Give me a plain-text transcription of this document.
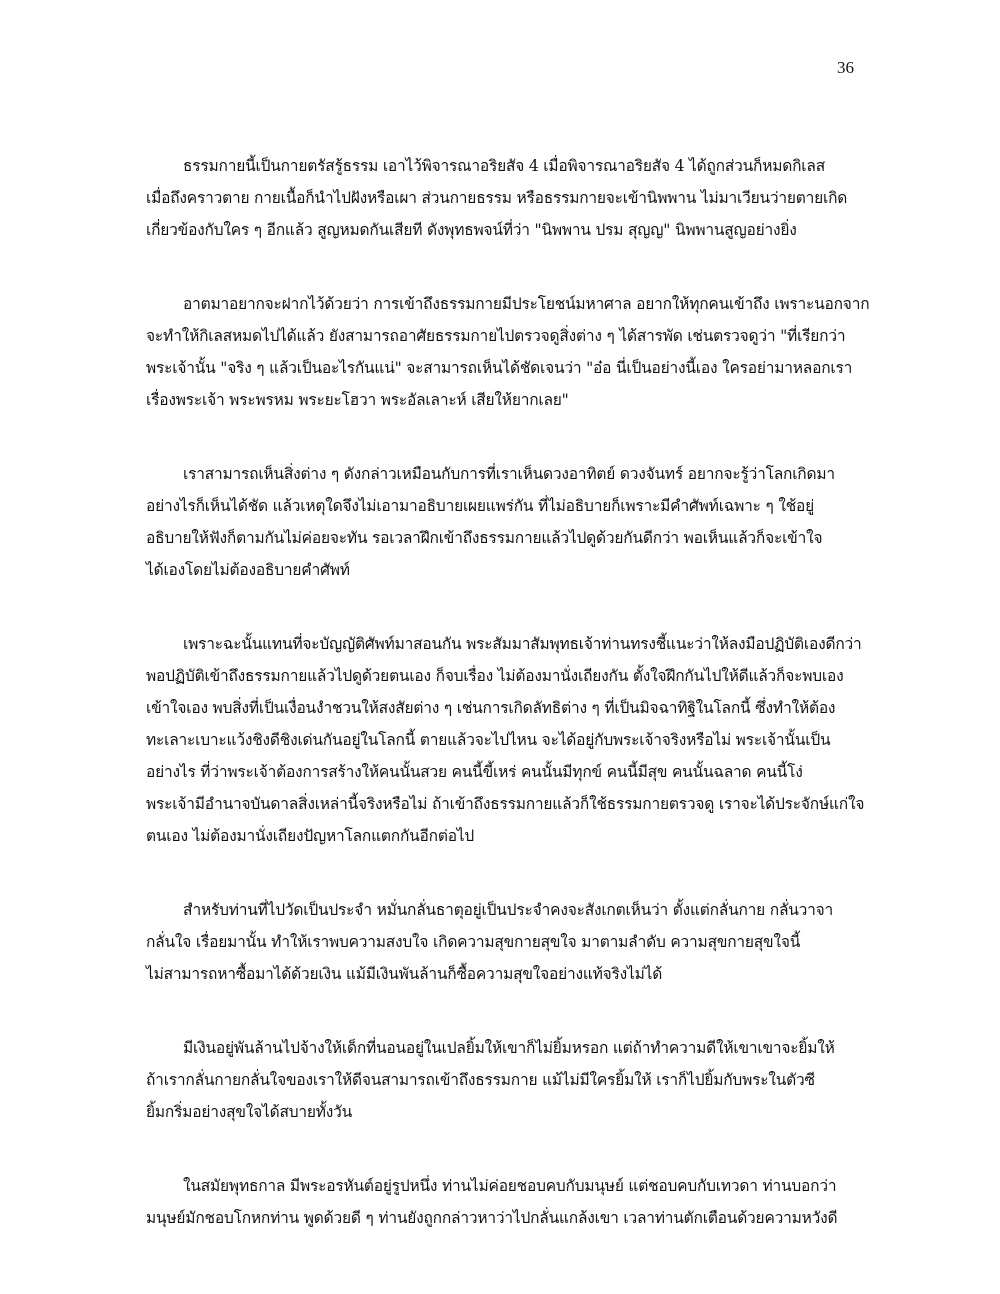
36
ธรรมกายนี้เป็นกายตรัสรู้ธรรม เอาไว้พิจารณาอริยสัจ 4 เมื่อพิจารณาอริยสัจ 4 ได้ถูกส่วนก็หมดกิเลส
เมื่อถึงคราวตาย กายเนื้อก็นำไปฝังหรือเผา ส่วนกายธรรม หรือธรรมกายจะเข้านิพพาน ไม่มาเวียนว่ายตายเกิด
เกี่ยวข้องกับใคร ๆ อีกแล้ว สูญหมดกันเสียที ดังพุทธพจน์ที่ว่า "นิพพาน ปรม สุญญ" นิพพานสูญอย่างยิ่ง
อาตมาอยากจะฝากไว้ด้วยว่า การเข้าถึงธรรมกายมีประโยชน์มหาศาล อยากให้ทุกคนเข้าถึง เพราะนอกจาก
จะทำให้กิเลสหมดไปได้แล้ว ยังสามารถอาศัยธรรมกายไปตรวจดูสิ่งต่าง ๆ ได้สารพัด เช่นตรวจดูว่า "ที่เรียกว่า
พระเจ้านั้น "จริง ๆ แล้วเป็นอะไรกันแน่" จะสามารถเห็นได้ชัดเจนว่า "อ๋อ นี่เป็นอย่างนี้เอง ใครอย่ามาหลอกเรา
เรื่องพระเจ้า พระพรหม พระยะโฮวา พระอัลเลาะห์ เสียให้ยากเลย"
เราสามารถเห็นสิ่งต่าง ๆ ดังกล่าวเหมือนกับการที่เราเห็นดวงอาทิตย์ ดวงจันทร์ อยากจะรู้ว่าโลกเกิดมา
อย่างไรก็เห็นได้ชัด แล้วเหตุใดจึงไม่เอามาอธิบายเผยแพร่กัน ที่ไม่อธิบายก็เพราะมีคำศัพท์เฉพาะ ๆ ใช้อยู่
อธิบายให้ฟังก็ตามกันไม่ค่อยจะทัน รอเวลาฝึกเข้าถึงธรรมกายแล้วไปดูด้วยกันดีกว่า พอเห็นแล้วก็จะเข้าใจ
ได้เองโดยไม่ต้องอธิบายคำศัพท์
เพราะฉะนั้นแทนที่จะบัญญัติศัพท์มาสอนกัน พระสัมมาสัมพุทธเจ้าท่านทรงชี้แนะว่าให้ลงมือปฏิบัติเองดีกว่า
พอปฏิบัติเข้าถึงธรรมกายแล้วไปดูด้วยตนเอง ก็จบเรื่อง ไม่ต้องมานั่งเถียงกัน ตั้งใจฝึกกันไปให้ดีแล้วก็จะพบเอง
เข้าใจเอง พบสิ่งที่เป็นเงื่อนงำชวนให้สงสัยต่าง ๆ เช่นการเกิดลัทธิต่าง ๆ ที่เป็นมิจฉาทิฐิในโลกนี้ ซึ่งทำให้ต้อง
ทะเลาะเบาะแว้งชิงดีชิงเด่นกันอยู่ในโลกนี้ ตายแล้วจะไปไหน จะได้อยู่กับพระเจ้าจริงหรือไม่ พระเจ้านั้นเป็น
อย่างไร ที่ว่าพระเจ้าต้องการสร้างให้คนนั้นสวย คนนี้ขี้เหร่ คนนั้นมีทุกข์ คนนี้มีสุข คนนั้นฉลาด คนนี้โง่
พระเจ้ามีอำนาจบันดาลสิ่งเหล่านี้จริงหรือไม่ ถ้าเข้าถึงธรรมกายแล้วก็ใช้ธรรมกายตรวจดู เราจะได้ประจักษ์แก่ใจ
ตนเอง ไม่ต้องมานั่งเถียงปัญหาโลกแตกกันอีกต่อไป
สำหรับท่านที่ไปวัดเป็นประจำ หมั่นกลั่นธาตุอยู่เป็นประจำคงจะสังเกตเห็นว่า ตั้งแต่กลั่นกาย กลั่นวาจา
กลั่นใจ เรื่อยมานั้น ทำให้เราพบความสงบใจ เกิดความสุขกายสุขใจ มาตามลำดับ ความสุขกายสุขใจนี้
ไม่สามารถหาซื้อมาได้ด้วยเงิน แม้มีเงินพันล้านก็ซื้อความสุขใจอย่างแท้จริงไม่ได้
มีเงินอยู่พันล้านไปจ้างให้เด็กที่นอนอยู่ในเปลยิ้มให้เขาก็ไม่ยิ้มหรอก แต่ถ้าทำความดีให้เขาเขาจะยิ้มให้
ถ้าเรากลั่นกายกลั่นใจของเราให้ดีจนสามารถเข้าถึงธรรมกาย แม้ไม่มีใครยิ้มให้ เราก็ไปยิ้มกับพระในตัวซี
ยิ้มกริ่มอย่างสุขใจได้สบายทั้งวัน
ในสมัยพุทธกาล มีพระอรหันต์อยู่รูปหนึ่ง ท่านไม่ค่อยชอบคบกับมนุษย์ แต่ชอบคบกับเทวดา ท่านบอกว่า
มนุษย์มักชอบโกหกท่าน พูดด้วยดี ๆ ท่านยังถูกกล่าวหาว่าไปกลั่นแกล้งเขา เวลาท่านตักเตือนด้วยความหวังดี
